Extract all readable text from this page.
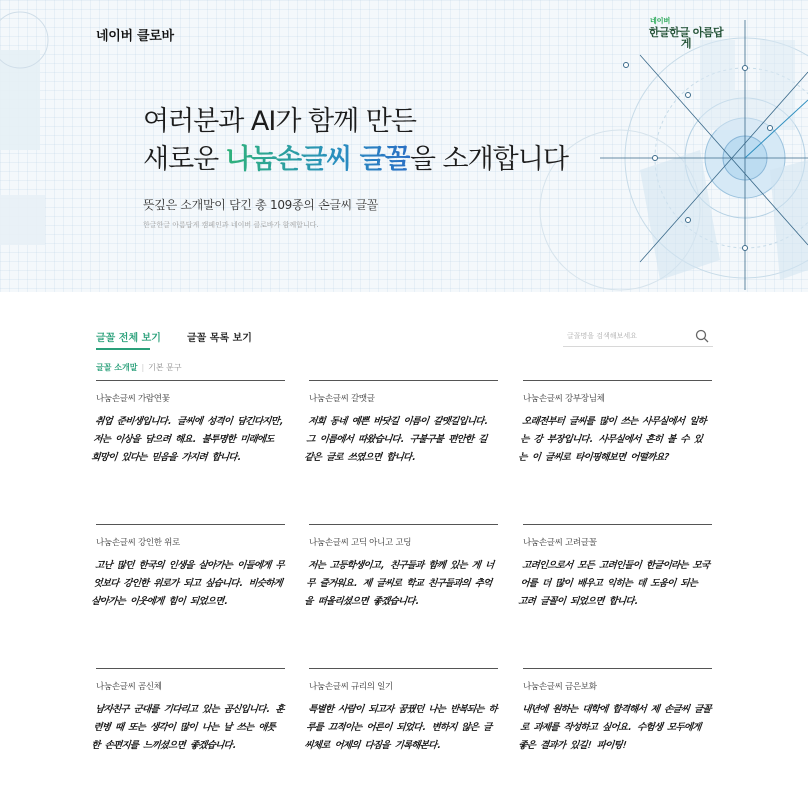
네이버 클로바
네이버
한글한글 아름답게
여러분과 AI가 함께 만든
새로운 나눔손글씨 글꼴을 소개합니다
뜻깊은 소개말이 담긴 총 109종의 손글씨 글꼴
한글한글 아름답게 캠페인과 네이버 클로바가 함께합니다.
글꼴 전체 보기	글꼴 목록 보기
글꼴명을 검색해보세요
글꼴 소개말 | 기본 문구
나눔손글씨 가람연꽃
취업 준비생입니다. 글씨에 성격이 담긴다지만, 저는 이상을 담으려 해요. 불투명한 미래에도 희망이 있다는 믿음을 가지려 합니다.
나눔손글씨 갈맷글
저희 동네 예쁜 바닷길 이름이 갈맷길입니다. 그 이름에서 따왔습니다. 구불구불 편안한 길 같은 글로 쓰였으면 합니다.
나눔손글씨 강부장님체
오래전부터 글씨를 많이 쓰는 사무실에서 일하는 강 부장입니다. 사무실에서 흔히 볼 수 있는 이 글씨로 타이핑해보면 어떨까요?
나눔손글씨 강인한 위로
고난 많던 한국의 인생을 살아가는 이들에게 무엇보다 강인한 위로가 되고 싶습니다. 비슷하게 살아가는 이웃에게 힘이 되었으면.
나눔손글씨 고딕 아니고 고딩
저는 고등학생이고, 친구들과 함께 있는 게 너무 즐거워요. 제 글씨로 학교 친구들과의 추억을 떠올리셨으면 좋겠습니다.
나눔손글씨 고려글꼴
고려인으로서 모든 고려인들이 한글이라는 모국어를 더 많이 배우고 익히는 데 도움이 되는 고려 글꼴이 되었으면 합니다.
나눔손글씨 곰신체
남자친구 군대를 기다리고 있는 곰신입니다. 훈련병 때 또는 생각이 많이 나는 날 쓰는 애틋한 손편지를 느끼셨으면 좋겠습니다.
나눔손글씨 규리의 일기
특별한 사람이 되고자 꿈꿨던 나는 반복되는 하루를 끄적이는 어른이 되었다. 변하지 않은 글씨체로 어제의 다짐을 기록해본다.
나눔손글씨 금은보화
내년에 원하는 대학에 합격해서 제 손글씨 글꼴로 과제를 작성하고 싶어요. 수험생 모두에게 좋은 결과가 있길! 파이팅!
